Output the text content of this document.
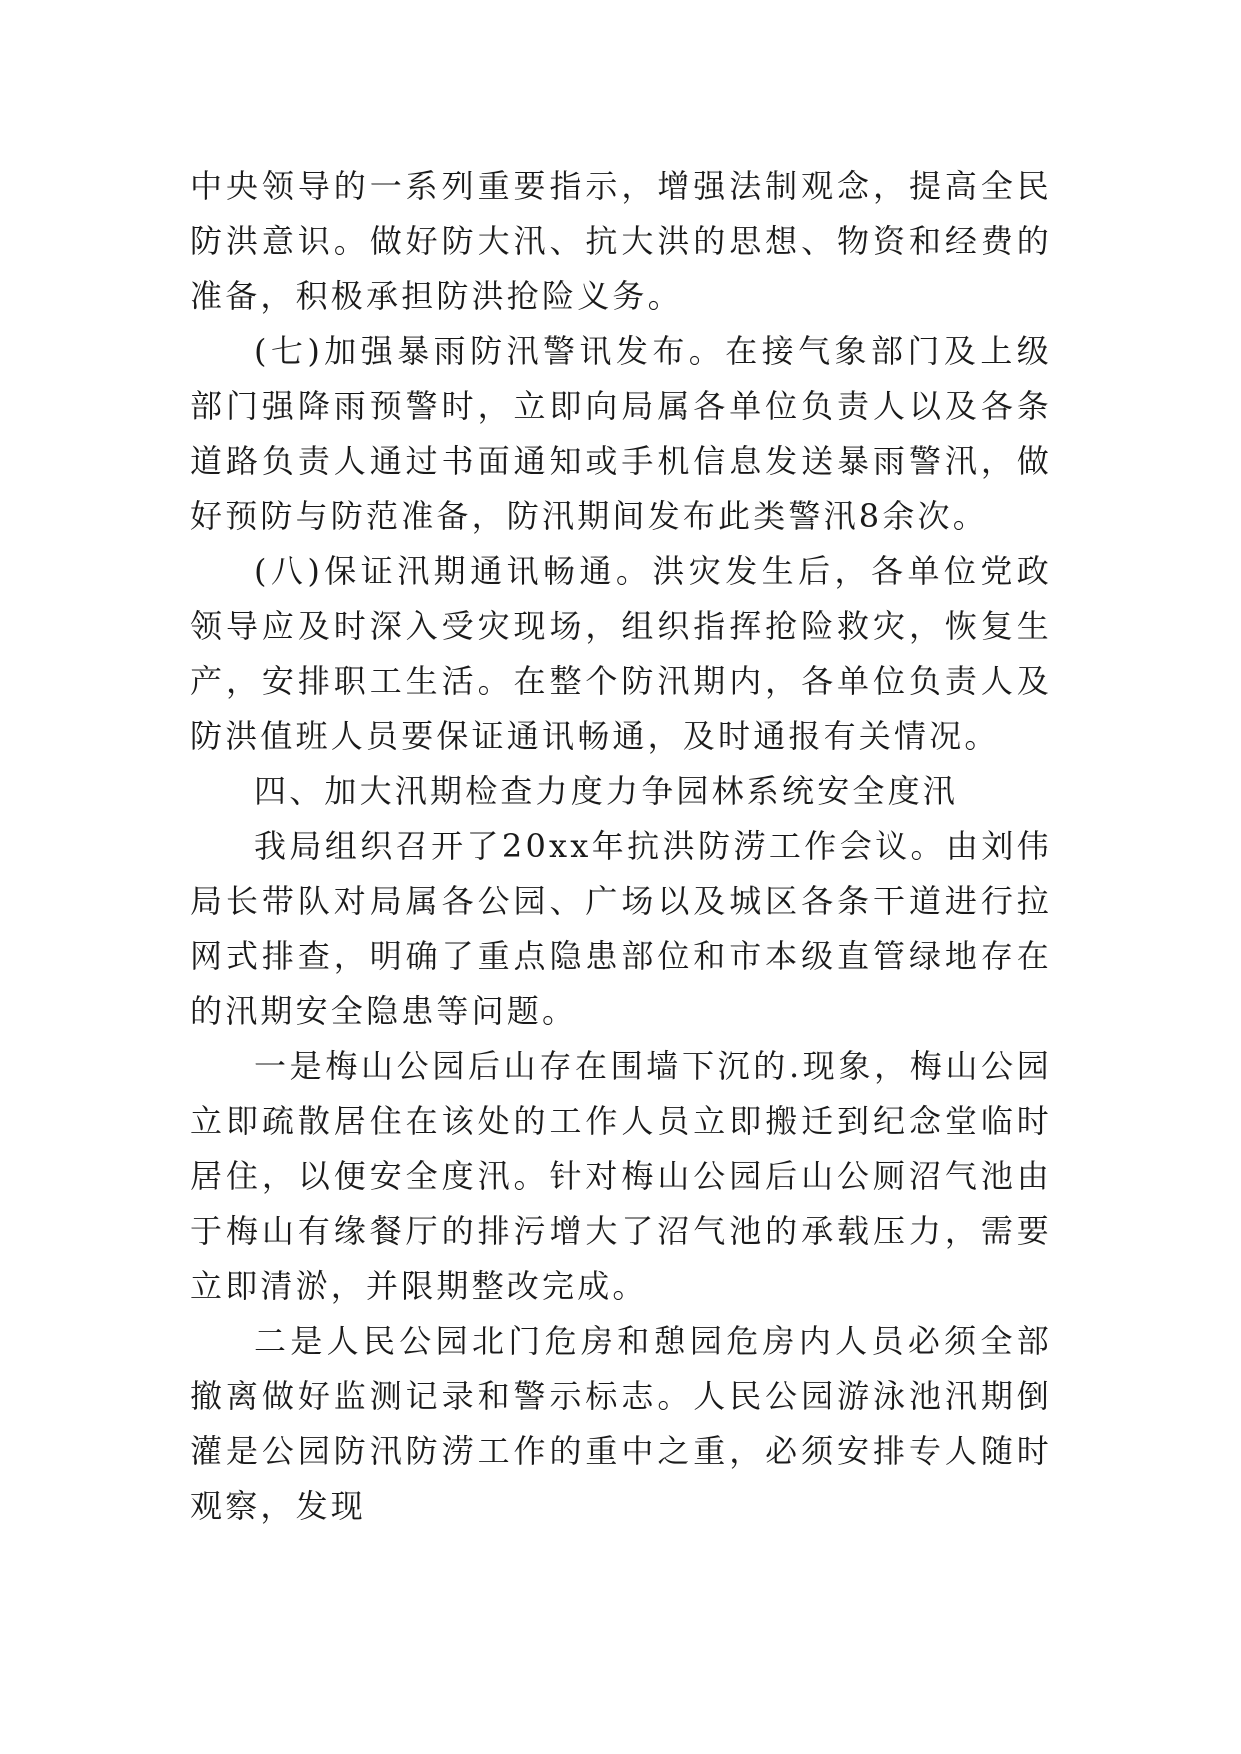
中央领导的一系列重要指示，增强法制观念，提高全民防洪意识。做好防大汛、抗大洪的思想、物资和经费的准备，积极承担防洪抢险义务。

(七)加强暴雨防汛警讯发布。在接气象部门及上级部门强降雨预警时，立即向局属各单位负责人以及各条道路负责人通过书面通知或手机信息发送暴雨警汛，做好预防与防范准备，防汛期间发布此类警汛8余次。

(八)保证汛期通讯畅通。洪灾发生后，各单位党政领导应及时深入受灾现场，组织指挥抢险救灾，恢复生产，安排职工生活。在整个防汛期内，各单位负责人及防洪值班人员要保证通讯畅通，及时通报有关情况。

四、加大汛期检查力度力争园林系统安全度汛

我局组织召开了20xx年抗洪防涝工作会议。由刘伟局长带队对局属各公园、广场以及城区各条干道进行拉网式排查，明确了重点隐患部位和市本级直管绿地存在的汛期安全隐患等问题。

一是梅山公园后山存在围墙下沉的.现象，梅山公园立即疏散居住在该处的工作人员立即搬迁到纪念堂临时居住，以便安全度汛。针对梅山公园后山公厕沼气池由于梅山有缘餐厅的排污增大了沼气池的承载压力，需要立即清淤，并限期整改完成。

二是人民公园北门危房和憩园危房内人员必须全部撤离做好监测记录和警示标志。人民公园游泳池汛期倒灌是公园防汛防涝工作的重中之重，必须安排专人随时观察，发现
